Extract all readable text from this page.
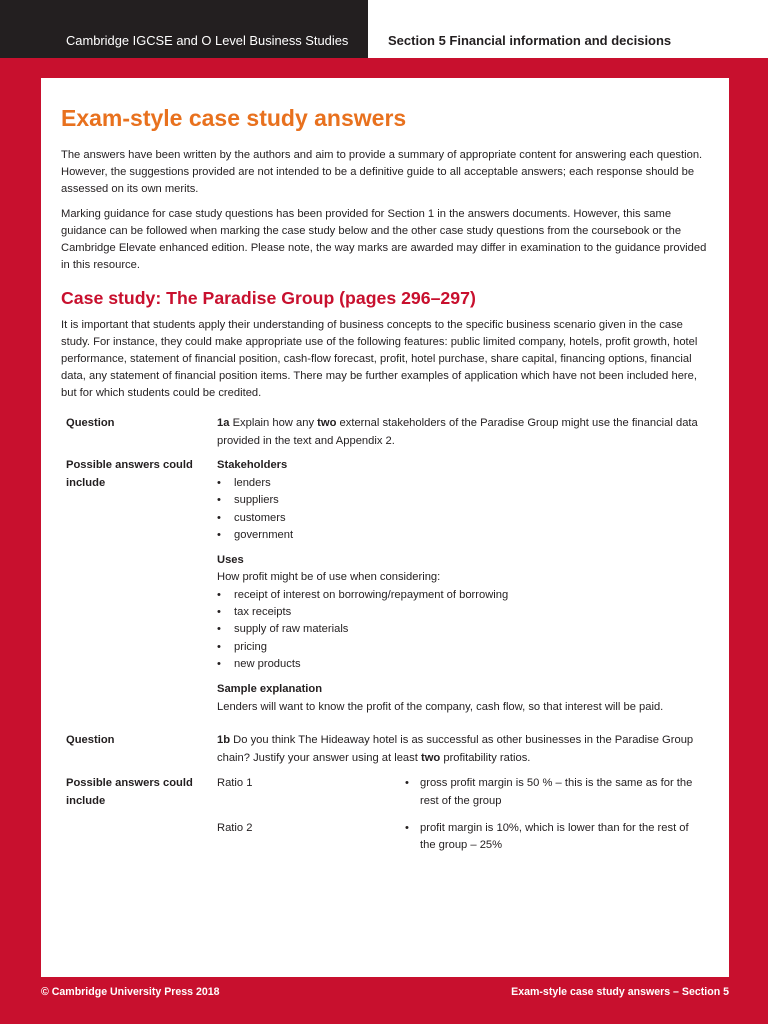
Cambridge IGCSE and O Level Business Studies	Section 5 Financial information and decisions
Exam-style case study answers
The answers have been written by the authors and aim to provide a summary of appropriate content for answering each question.
However, the suggestions provided are not intended to be a definitive guide to all acceptable answers; each response should be
assessed on its own merits.
Marking guidance for case study questions has been provided for Section 1 in the answers documents. However, this same
guidance can be followed when marking the case study below and the other case study questions from the coursebook or the
Cambridge Elevate enhanced edition. Please note, the way marks are awarded may differ in examination to the guidance provided
in this resource.
Case study: The Paradise Group (pages 296–297)
It is important that students apply their understanding of business concepts to the specific business scenario given in the case
study. For instance, they could make appropriate use of the following features: public limited company, hotels, profit growth, hotel
performance, statement of financial position, cash-flow forecast, profit, hotel purchase, share capital, financing options, financial
data, any statement of financial position items. There may be further examples of application which have not been included here,
but for which students could be credited.
Question	1a Explain how any two external stakeholders of the Paradise Group might use the financial data
provided in the text and Appendix 2.
Possible answers could
include
Stakeholders
• lenders
• suppliers
• customers
• government
Uses
How profit might be of use when considering:
• receipt of interest on borrowing/repayment of borrowing
• tax receipts
• supply of raw materials
• pricing
• new products
Sample explanation
Lenders will want to know the profit of the company, cash flow, so that interest will be paid.
Question	1b Do you think The Hideaway hotel is as successful as other businesses in the Paradise Group
chain? Justify your answer using at least two profitability ratios.
Possible answers could
include
Ratio 1	• gross profit margin is 50 % – this is the same as for the
rest of the group
Ratio 2	• profit margin is 10%, which is lower than for the rest of
the group – 25%
© Cambridge University Press 2018	Exam-style case study answers – Section 5
